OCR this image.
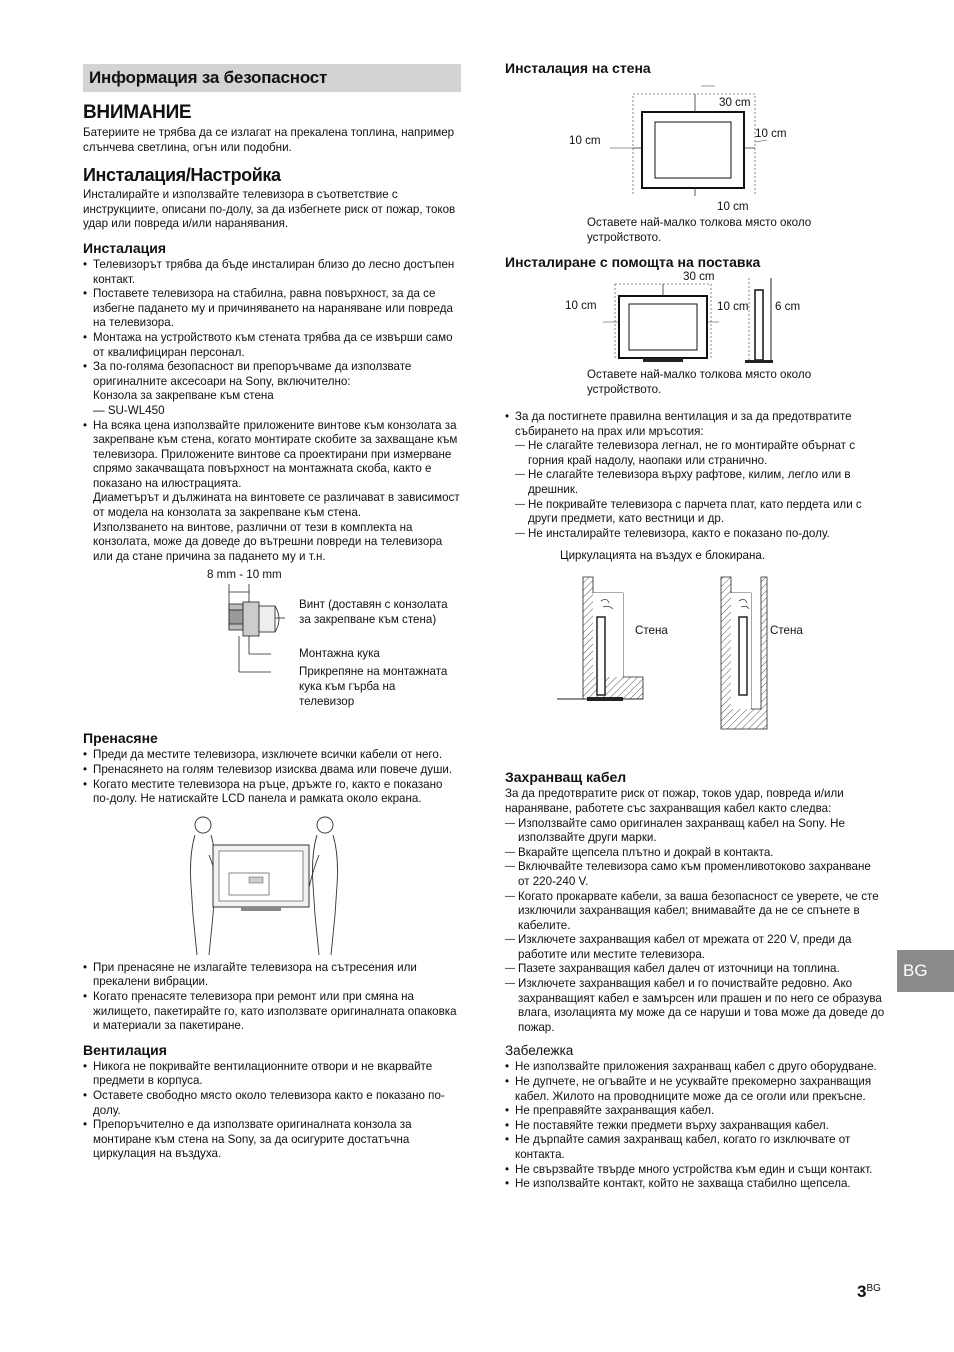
Информация за безопасност
ВНИМАНИЕ
Батериите не трябва да се излагат на прекалена топлина, например слънчева светлина, огън или подобни.
Инсталация/Настройка
Инсталирайте и използвайте телевизора в съответствие с инструкциите, описани по-долу, за да избегнете риск от пожар, токов удар или повреда и/или наранявания.
Инсталация
• Телевизорът трябва да бъде инсталиран близо до лесно достъпен контакт.
• Поставете телевизора на стабилна, равна повърхност, за да се избегне падането му и причиняването на нараняване или повреда на телевизора.
• Монтажа на устройството към стената трябва да се извърши само от квалифициран персонал.
• За по-голяма безопасност ви препоръчваме да използвате оригиналните аксесоари на Sony, включително:
Конзола за закрепване към стена
— SU-WL450
• На всяка цена използвайте приложените винтове към конзолата за закрепване към стена, когато монтирате скобите за захващане към телевизора. Приложените винтове са проектирани при измерване спрямо закачващата повърхност на монтажната скоба, както е показано на илюстрацията.
Диаметърът и дължината на винтовете се различават в зависимост от модела на конзолата за закрепване към стена.
Използването на винтове, различни от тези в комплекта на конзолата, може да доведе до вътрешни повреди на телевизора или да стане причина за падането му и т.н.
8 mm - 10 mm
Винт (доставян с конзолата за закрепване към стена)
Монтажна кука
Прикрепяне на монтажната кука към гърба на телевизор
Пренасяне
• Преди да местите телевизора, изключете всички кабели от него.
• Пренасянето на голям телевизор изисква двама или повече души.
• Когато местите телевизора на ръце, дръжте го, както е показано по-долу. Не натискайте LCD панела и рамката около екрана.
• При пренасяне не излагайте телевизора на сътресения или прекалени вибрации.
• Когато пренасяте телевизора при ремонт или при смяна на жилището, пакетирайте го, като използвате оригиналната опаковка и материали за пакетиране.
Вентилация
• Никога не покривайте вентилационните отвори и не вкарвайте предмети в корпуса.
• Оставете свободно място около телевизора както е показано по-долу.
• Препоръчително е да използвате оригиналната конзола за монтиране към стена на Sony, за да осигурите достатъчна циркулация на въздуха.
Инсталация на стена
30 cm
10 cm
10 cm
10 cm
Оставете най-малко толкова място около устройството.
Инсталиране с помощта на поставка
30 cm
10 cm	10 cm 6 cm
Оставете най-малко толкова място около устройството.
• За да постигнете правилна вентилация и за да предотвратите събирането на прах или мръсотия:
— Не слагайте телевизора легнал, не го монтирайте обърнат с горния край надолу, наопаки или странично.
— Не слагайте телевизора върху рафтове, килим, легло или в дрешник.
— Не покривайте телевизора с парчета плат, като пердета или с други предмети, като вестници и др.
— Не инсталирайте телевизора, както е показано по-долу.
Циркулацията на въздух е блокирана.
Стена	Стена
Захранващ кабел
За да предотвратите риск от пожар, токов удар, повреда и/или нараняване, работете със захранващия кабел както следва:
— Използвайте само оригинален захранващ кабел на Sony. Не използвайте други марки.
— Вкарайте щепсела плътно и докрай в контакта.
— Включвайте телевизора само към променливотоково захранване от 220-240 V.
— Когато прокарвате кабели, за ваша безопасност се уверете, че сте изключили захранващия кабел; внимавайте да не се спънете в кабелите.
— Изключете захранващия кабел от мрежата от 220 V, преди да работите или местите телевизора.
— Пазете захранващия кабел далеч от източници на топлина.
— Изключете захранващия кабел и го почиствайте редовно. Ако захранващият кабел е замърсен или прашен и по него се образува влага, изолацията му може да се наруши и това може да доведе до пожар.
Забележка
• Не използвайте приложения захранващ кабел с друго оборудване.
• Не дупчете, не огъвайте и не усуквайте прекомерно захранващия кабел. Жилото на проводниците може да се оголи или прекъсне.
• Не преправяйте захранващия кабел.
• Не поставяйте тежки предмети върху захранващия кабел.
• Не дърпайте самия захранващ кабел, когато го изключвате от контакта.
• Не свързвайте твърде много устройства към един и същи контакт.
• Не използвайте контакт, който не захваща стабилно щепсела.
BG
$3^{BG}$
